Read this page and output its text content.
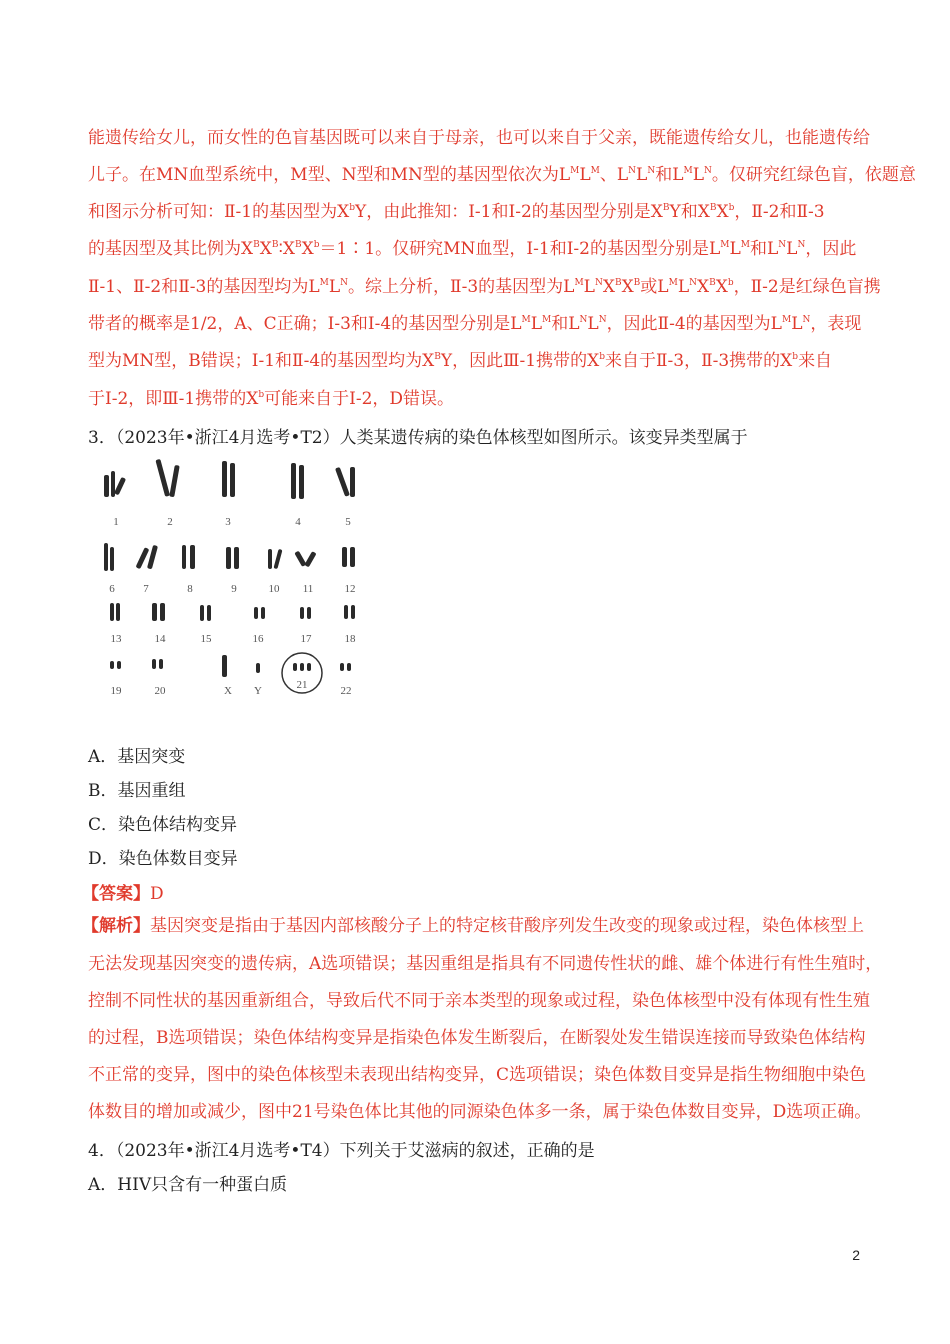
能遗传给女儿，而女性的色盲基因既可以来自于母亲，也可以来自于父亲，既能遗传给女儿，也能遗传给
儿子。在MN血型系统中，M型、N型和MN型的基因型依次为$L^ML^M$、$L^NL^N$和$L^ML^N$。仅研究红绿色盲，依题意
和图示分析可知：Ⅱ-1的基因型为$X^bY$，由此推知：Ⅰ-1和Ⅰ-2的基因型分别是$X^BY$和$X^BX^b$，Ⅱ-2和Ⅱ-3
的基因型及其比例为$X^BX^B∶X^BX^b=1∶1$。仅研究MN血型，Ⅰ-1和Ⅰ-2的基因型分别是$L^ML^M$和$L^NL^N$，因此
Ⅱ-1、Ⅱ-2和Ⅱ-3的基因型均为$L^ML^N$。综上分析，Ⅱ-3的基因型为$L^ML^NX^BX^B$或$L^ML^NX^BX^b$，Ⅱ-2是红绿色盲携
带者的概率是1/2，A、C正确；Ⅰ-3和Ⅰ-4的基因型分别是$L^ML^M$和$L^NL^N$，因此Ⅱ-4的基因型为$L^ML^N$，表现
型为MN型，B错误；Ⅰ-1和Ⅱ-4的基因型均为$X^BY$，因此Ⅲ-1携带的$X^b$来自于Ⅱ-3，Ⅱ-3携带的$X^b$来自
于Ⅰ-2，即Ⅲ-1携带的$X^b$可能来自于Ⅰ-2，D错误。
3．（2023年•浙江4月选考•T2）人类某遗传病的染色体核型如图所示。该变异类型属于
1	2	3	4	5
6	7	8	9	10 11	12
13	14	15	16	17	18
19	20	X Y	21	22
A．基因突变
B．基因重组
C．染色体结构变异
D．染色体数目变异
【答案】D
【解析】基因突变是指由于基因内部核酸分子上的特定核苷酸序列发生改变的现象或过程，染色体核型上
无法发现基因突变的遗传病，A选项错误；基因重组是指具有不同遗传性状的雌、雄个体进行有性生殖时，
控制不同性状的基因重新组合，导致后代不同于亲本类型的现象或过程，染色体核型中没有体现有性生殖
的过程，B选项错误；染色体结构变异是指染色体发生断裂后，在断裂处发生错误连接而导致染色体结构
不正常的变异，图中的染色体核型未表现出结构变异，C选项错误；染色体数目变异是指生物细胞中染色
体数目的增加或减少，图中21号染色体比其他的同源染色体多一条，属于染色体数目变异，D选项正确。
4．（2023年•浙江4月选考•T4）下列关于艾滋病的叙述，正确的是
A．HIV只含有一种蛋白质
2
